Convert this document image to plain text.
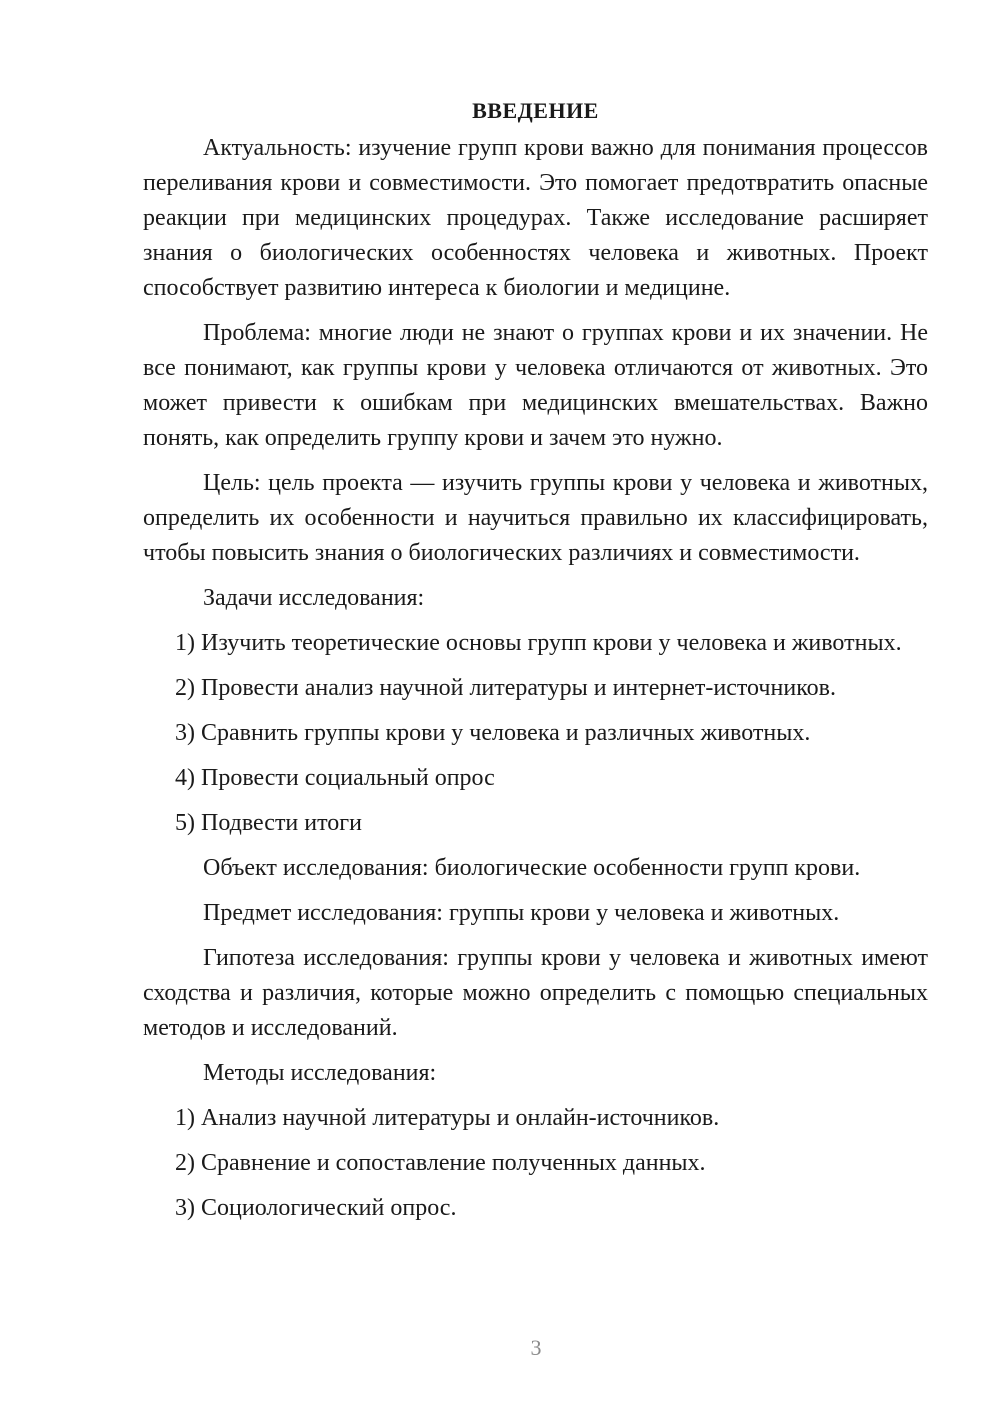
ВВЕДЕНИЕ

Актуальность: изучение групп крови важно для понимания процессов переливания крови и совместимости. Это помогает предотвратить опасные реакции при медицинских процедурах. Также исследование расширяет знания о биологических особенностях человека и животных. Проект способствует развитию интереса к биологии и медицине.

Проблема: многие люди не знают о группах крови и их значении. Не все понимают, как группы крови у человека отличаются от животных. Это может привести к ошибкам при медицинских вмешательствах. Важно понять, как определить группу крови и зачем это нужно.

Цель: цель проекта — изучить группы крови у человека и животных, определить их особенности и научиться правильно их классифицировать, чтобы повысить знания о биологических различиях и совместимости.

Задачи исследования:

1) Изучить теоретические основы групп крови у человека и животных.

2) Провести анализ научной литературы и интернет-источников.

3) Сравнить группы крови у человека и различных животных.

4) Провести социальный опрос

5) Подвести итоги

Объект исследования: биологические особенности групп крови.

Предмет исследования: группы крови у человека и животных.

Гипотеза исследования: группы крови у человека и животных имеют сходства и различия, которые можно определить с помощью специальных методов и исследований.

Методы исследования:

1) Анализ научной литературы и онлайн-источников.

2) Сравнение и сопоставление полученных данных.

3) Социологический опрос.

3
